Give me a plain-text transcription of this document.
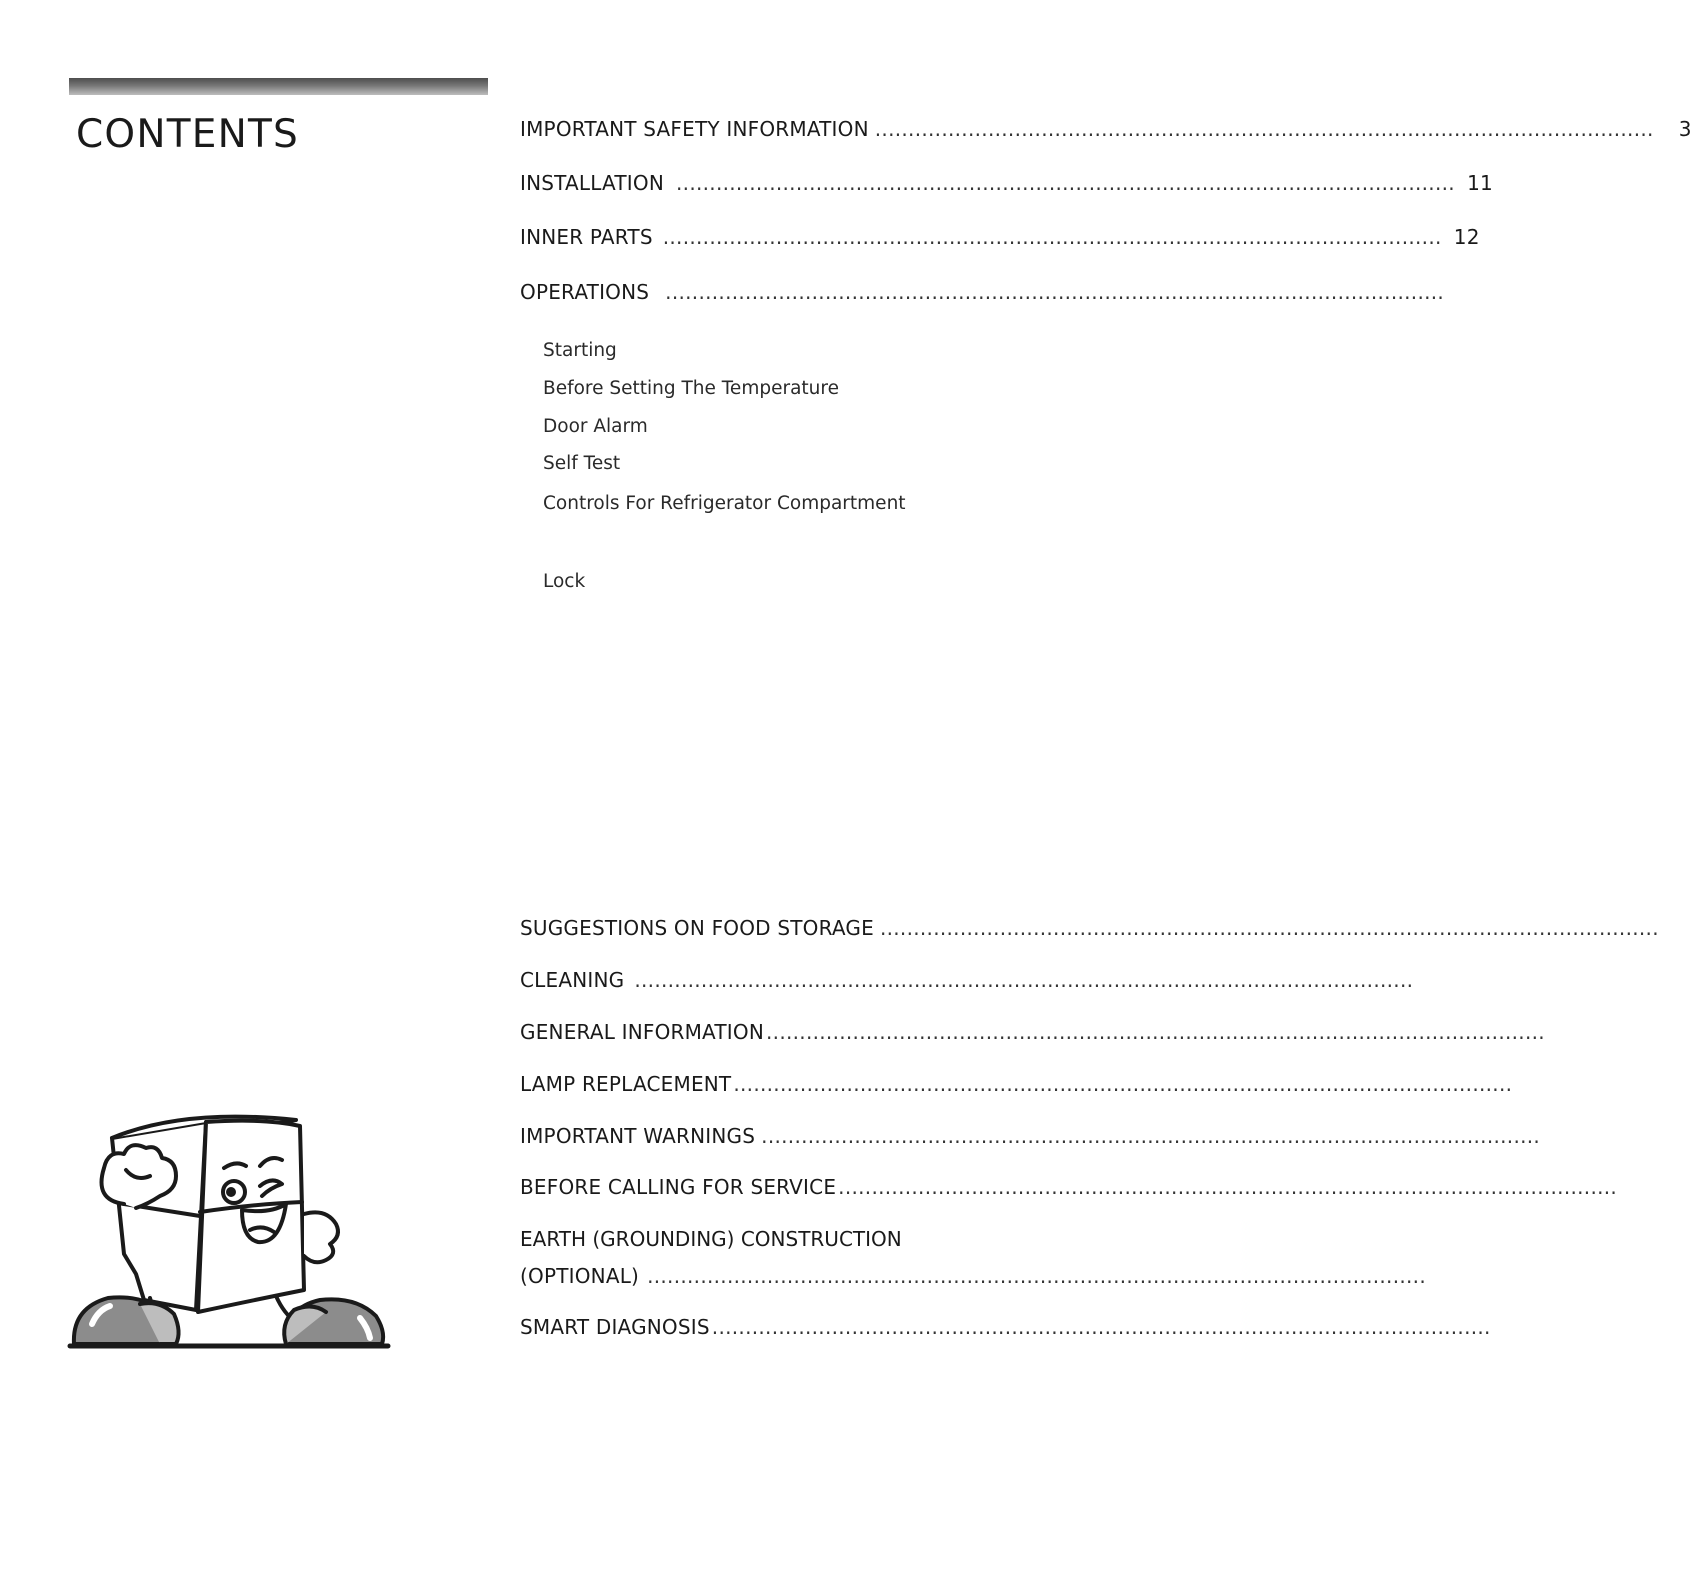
CONTENTS	IMPORTANT SAFETY INFORMATION .....................................................................................................................	3
INSTALLATION ..................................................................................................................... 11
INNER PARTS ..................................................................................................................... 12
OPERATIONS .....................................................................................................................
Starting
Before Setting The Temperature
Door Alarm
Self Test
Controls For Refrigerator Compartment
Lock
SUGGESTIONS ON FOOD STORAGE .....................................................................................................................
CLEANING .....................................................................................................................
GENERAL INFORMATION .....................................................................................................................
LAMP REPLACEMENT .....................................................................................................................
IMPORTANT WARNINGS .....................................................................................................................
BEFORE CALLING FOR SERVICE .....................................................................................................................
EARTH (GROUNDING) CONSTRUCTION
(OPTIONAL) .....................................................................................................................
SMART DIAGNOSIS .....................................................................................................................
